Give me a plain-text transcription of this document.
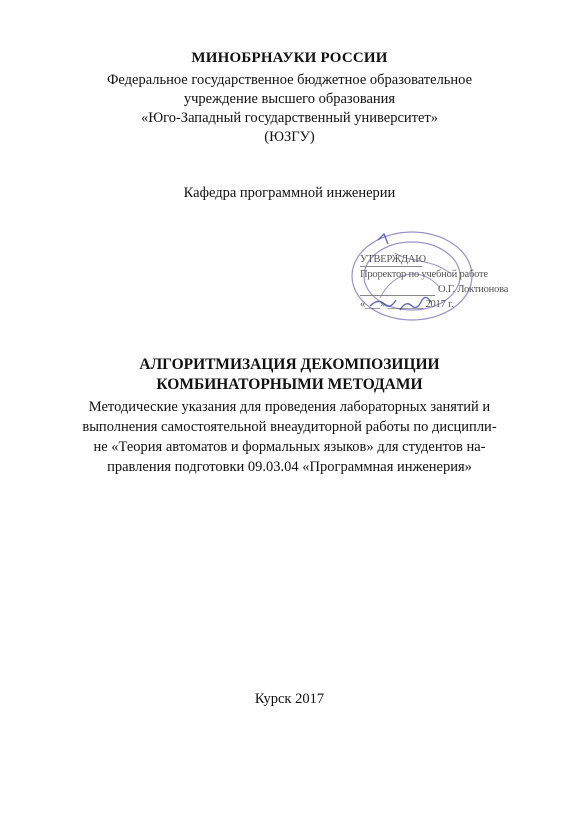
МИНОБРНАУКИ РОССИИ
Федеральное государственное бюджетное образовательное
учреждение высшего образования
«Юго-Западный государственный университет»
(ЮЗГУ)
Кафедра программной инженерии
УТВЕРЖДАЮ
Проректор по учебной работе
О.Г. Локтионова
«___» _______ 2017 г.
АЛГОРИТМИЗАЦИЯ ДЕКОМПОЗИЦИИ
КОМБИНАТОРНЫМИ МЕТОДАМИ
Методические указания для проведения лабораторных занятий и
выполнения самостоятельной внеаудиторной работы по дисципли-
не «Теория автоматов и формальных языков» для студентов на-
правления подготовки 09.03.04 «Программная инженерия»
Курск 2017
